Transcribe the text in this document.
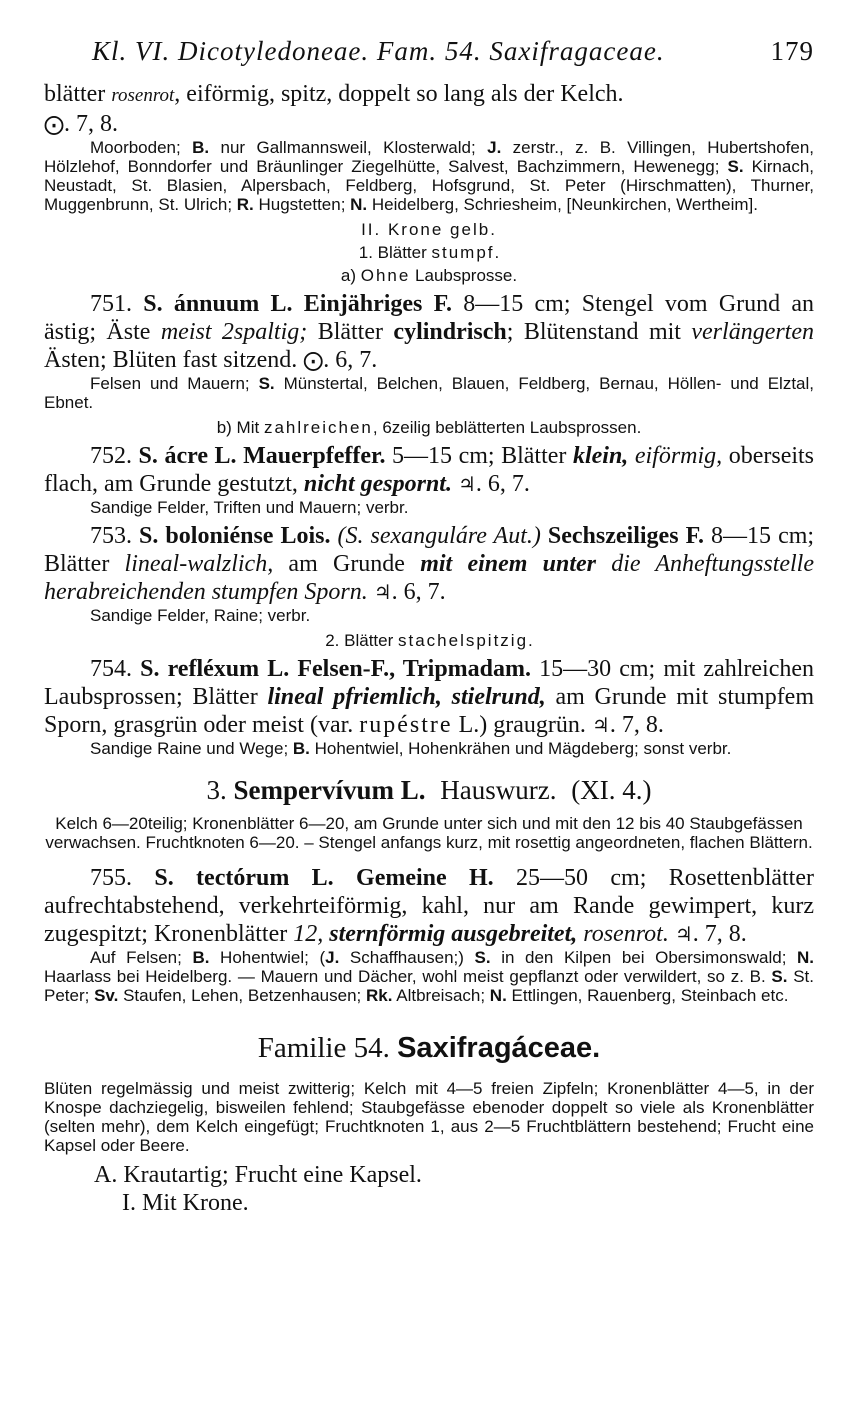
Kl. VI. Dicotyledoneae. Fam. 54. Saxifragaceae.	179
blätter rosenrot, eiförmig, spitz, doppelt so lang als der Kelch.
⨀. 7, 8.
Moorboden; B. nur Gallmannsweil, Klosterwald; J. zerstr., z. B. Villingen, Hubertshofen, Hölzlehof, Bonndorfer und Bräunlinger Ziegelhütte, Salvest, Bachzimmern, Hewenegg; S. Kirnach, Neustadt, St. Blasien, Alpersbach, Feldberg, Hofsgrund, St. Peter (Hirschmatten), Thurner, Muggenbrunn, St. Ulrich; R. Hugstetten; N. Heidelberg, Schriesheim, [Neunkirchen, Wertheim].
II. Krone gelb.
1. Blätter stumpf.
a) Ohne Laubsprosse.
751. S. ánnuum L. Einjähriges F. 8—15 cm; Stengel vom Grund an ästig; Äste meist 2spaltig; Blätter cylindrisch; Blütenstand mit verlängerten Ästen; Blüten fast sitzend. ⨀. 6, 7.
Felsen und Mauern; S. Münstertal, Belchen, Blauen, Feldberg, Bernau, Höllen- und Elztal, Ebnet.
b) Mit zahlreichen, 6zeilig beblätterten Laubsprossen.
752. S. ácre L. Mauerpfeffer. 5—15 cm; Blätter klein, eiförmig, oberseits flach, am Grunde gestutzt, nicht gespornt. ♃. 6, 7.
Sandige Felder, Triften und Mauern; verbr.
753. S. boloniénse Lois. (S. sexanguláre Aut.) Sechszeiliges F. 8—15 cm; Blätter lineal-walzlich, am Grunde mit einem unter die Anheftungsstelle herabreichenden stumpfen Sporn. ♃. 6, 7.
Sandige Felder, Raine; verbr.
2. Blätter stachelspitzig.
754. S. refléxum L. Felsen-F., Tripmadam. 15—30 cm; mit zahlreichen Laubsprossen; Blätter lineal pfriemlich, stielrund, am Grunde mit stumpfem Sporn, grasgrün oder meist (var. rupéstre L.) graugrün. ♃. 7, 8.
Sandige Raine und Wege; B. Hohentwiel, Hohenkrähen und Mägdeberg; sonst verbr.
3. Sempervívum L. Hauswurz. (XI. 4.)
Kelch 6—20teilig; Kronenblätter 6—20, am Grunde unter sich und mit den 12 bis 40 Staubgefässen verwachsen. Fruchtknoten 6—20. – Stengel anfangs kurz, mit rosettig angeordneten, flachen Blättern.
755. S. tectórum L. Gemeine H. 25—50 cm; Rosettenblätter aufrechtabstehend, verkehrteiförmig, kahl, nur am Rande gewimpert, kurz zugespitzt; Kronenblätter 12, sternförmig ausgebreitet, rosenrot. ♃. 7, 8.
Auf Felsen; B. Hohentwiel; (J. Schaffhausen;) S. in den Kilpen bei Obersimonswald; N. Haarlass bei Heidelberg. — Mauern und Dächer, wohl meist gepflanzt oder verwildert, so z. B. S. St. Peter; Sv. Staufen, Lehen, Betzenhausen; Rk. Altbreisach; N. Ettlingen, Rauenberg, Steinbach etc.
Familie 54. Saxifragáceae.
Blüten regelmässig und meist zwitterig; Kelch mit 4—5 freien Zipfeln; Kronenblätter 4—5, in der Knospe dachziegelig, bisweilen fehlend; Staubgefässe ebenoder doppelt so viele als Kronenblätter (selten mehr), dem Kelch eingefügt; Fruchtknoten 1, aus 2—5 Fruchtblättern bestehend; Frucht eine Kapsel oder Beere.
A. Krautartig; Frucht eine Kapsel.
I. Mit Krone.
